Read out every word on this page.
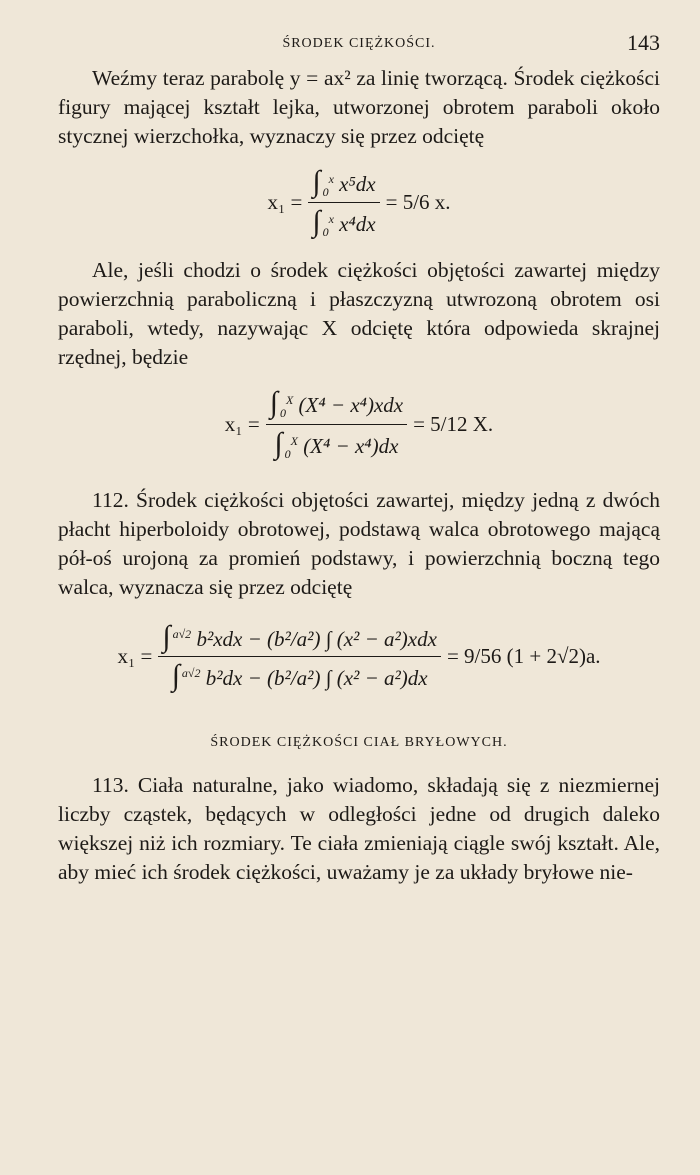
ŚRODEK CIĘŻKOŚCI.	143

Weźmy teraz parabolę y = ax² za linię tworzącą. Środek ciężkości figury mającej kształt lejka, utworzonej obrotem paraboli około stycznej wierzchołka, wyznaczy się przez odciętę

$x_1 = \frac{\int _0^x x^5dx}{\int _0^x x^4dx} = 5/6$ x.

Ale, jeśli chodzi o środek ciężkości objętości zawartej między powierzchnią paraboliczną i płaszczyzną utwrozoną obrotem osi paraboli, wtedy, nazywając X odciętę która odpowieda skrajnej rzędnej, będzie

$x_1 = \frac{\int _0^X (X^4 - x^4)xdx}{\int _0^X (X^4 - x^4)dx} = 5/12$ X.

112. Środek ciężkości objętości zawartej, między jedną z dwóch płacht hiperboloidy obrotowej, podstawą walca obrotowego mającą pół-oś urojoną za promień podstawy, i powierzchnią boczną tego walca, wyznacza się przez odciętę

$x_1 = \frac{\int ^{a√2} b^2xdx - (b^2/a^2) \int (x^2 - a^2)xdx}{\int ^{a√2} b^2dx - (b^2/a^2) \int (x^2 - a^2)dx} = 9/56$ (1 + 2√2)a.
ŚRODEK CIĘŻKOŚCI CIAŁ BRYŁOWYCH.

113. Ciała naturalne, jako wiadomo, składają się z niezmiernej liczby cząstek, będących w odległości jedne od drugich daleko większej niż ich rozmiary. Te ciała zmieniają ciągle swój kształt. Ale, aby mieć ich środek ciężkości, uważamy je za układy bryłowe nie-
